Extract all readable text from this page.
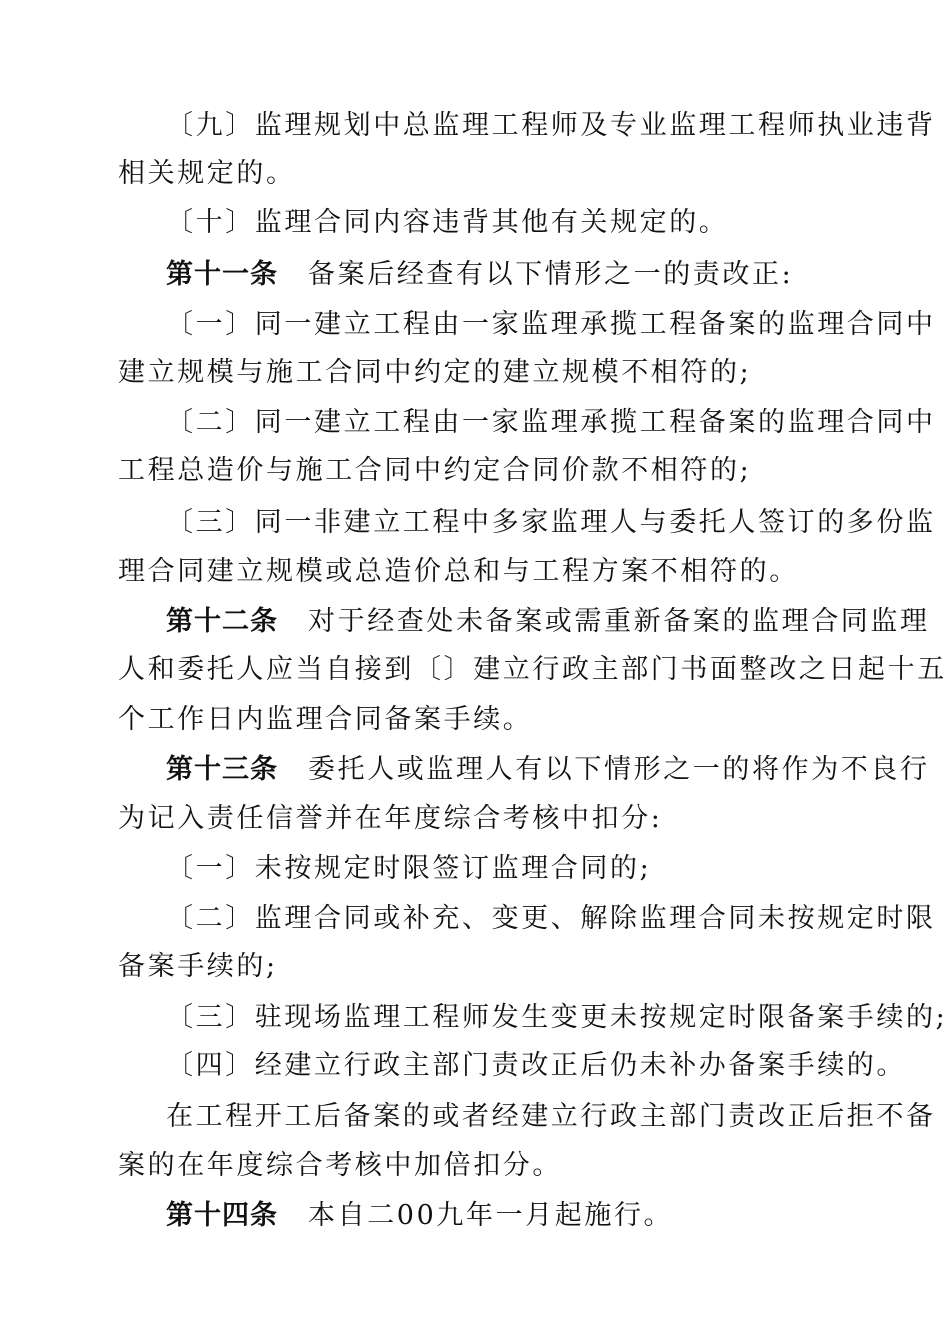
〔九〕监理规划中总监理工程师及专业监理工程师执业违背
相关规定的。
〔十〕监理合同内容违背其他有关规定的。
第十一条 备案后经查有以下情形之一的责改正:
〔一〕同一建立工程由一家监理承揽工程备案的监理合同中
建立规模与施工合同中约定的建立规模不相符的;
〔二〕同一建立工程由一家监理承揽工程备案的监理合同中
工程总造价与施工合同中约定合同价款不相符的;
〔三〕同一非建立工程中多家监理人与委托人签订的多份监
理合同建立规模或总造价总和与工程方案不相符的。
第十二条 对于经查处未备案或需重新备案的监理合同监理
人和委托人应当自接到〔〕建立行政主部门书面整改之日起十五
个工作日内监理合同备案手续。
第十三条 委托人或监理人有以下情形之一的将作为不良行
为记入责任信誉并在年度综合考核中扣分:
〔一〕未按规定时限签订监理合同的;
〔二〕监理合同或补充、变更、解除监理合同未按规定时限
备案手续的;
〔三〕驻现场监理工程师发生变更未按规定时限备案手续的;
〔四〕经建立行政主部门责改正后仍未补办备案手续的。
在工程开工后备案的或者经建立行政主部门责改正后拒不备
案的在年度综合考核中加倍扣分。
第十四条 本自二00九年一月起施行。
